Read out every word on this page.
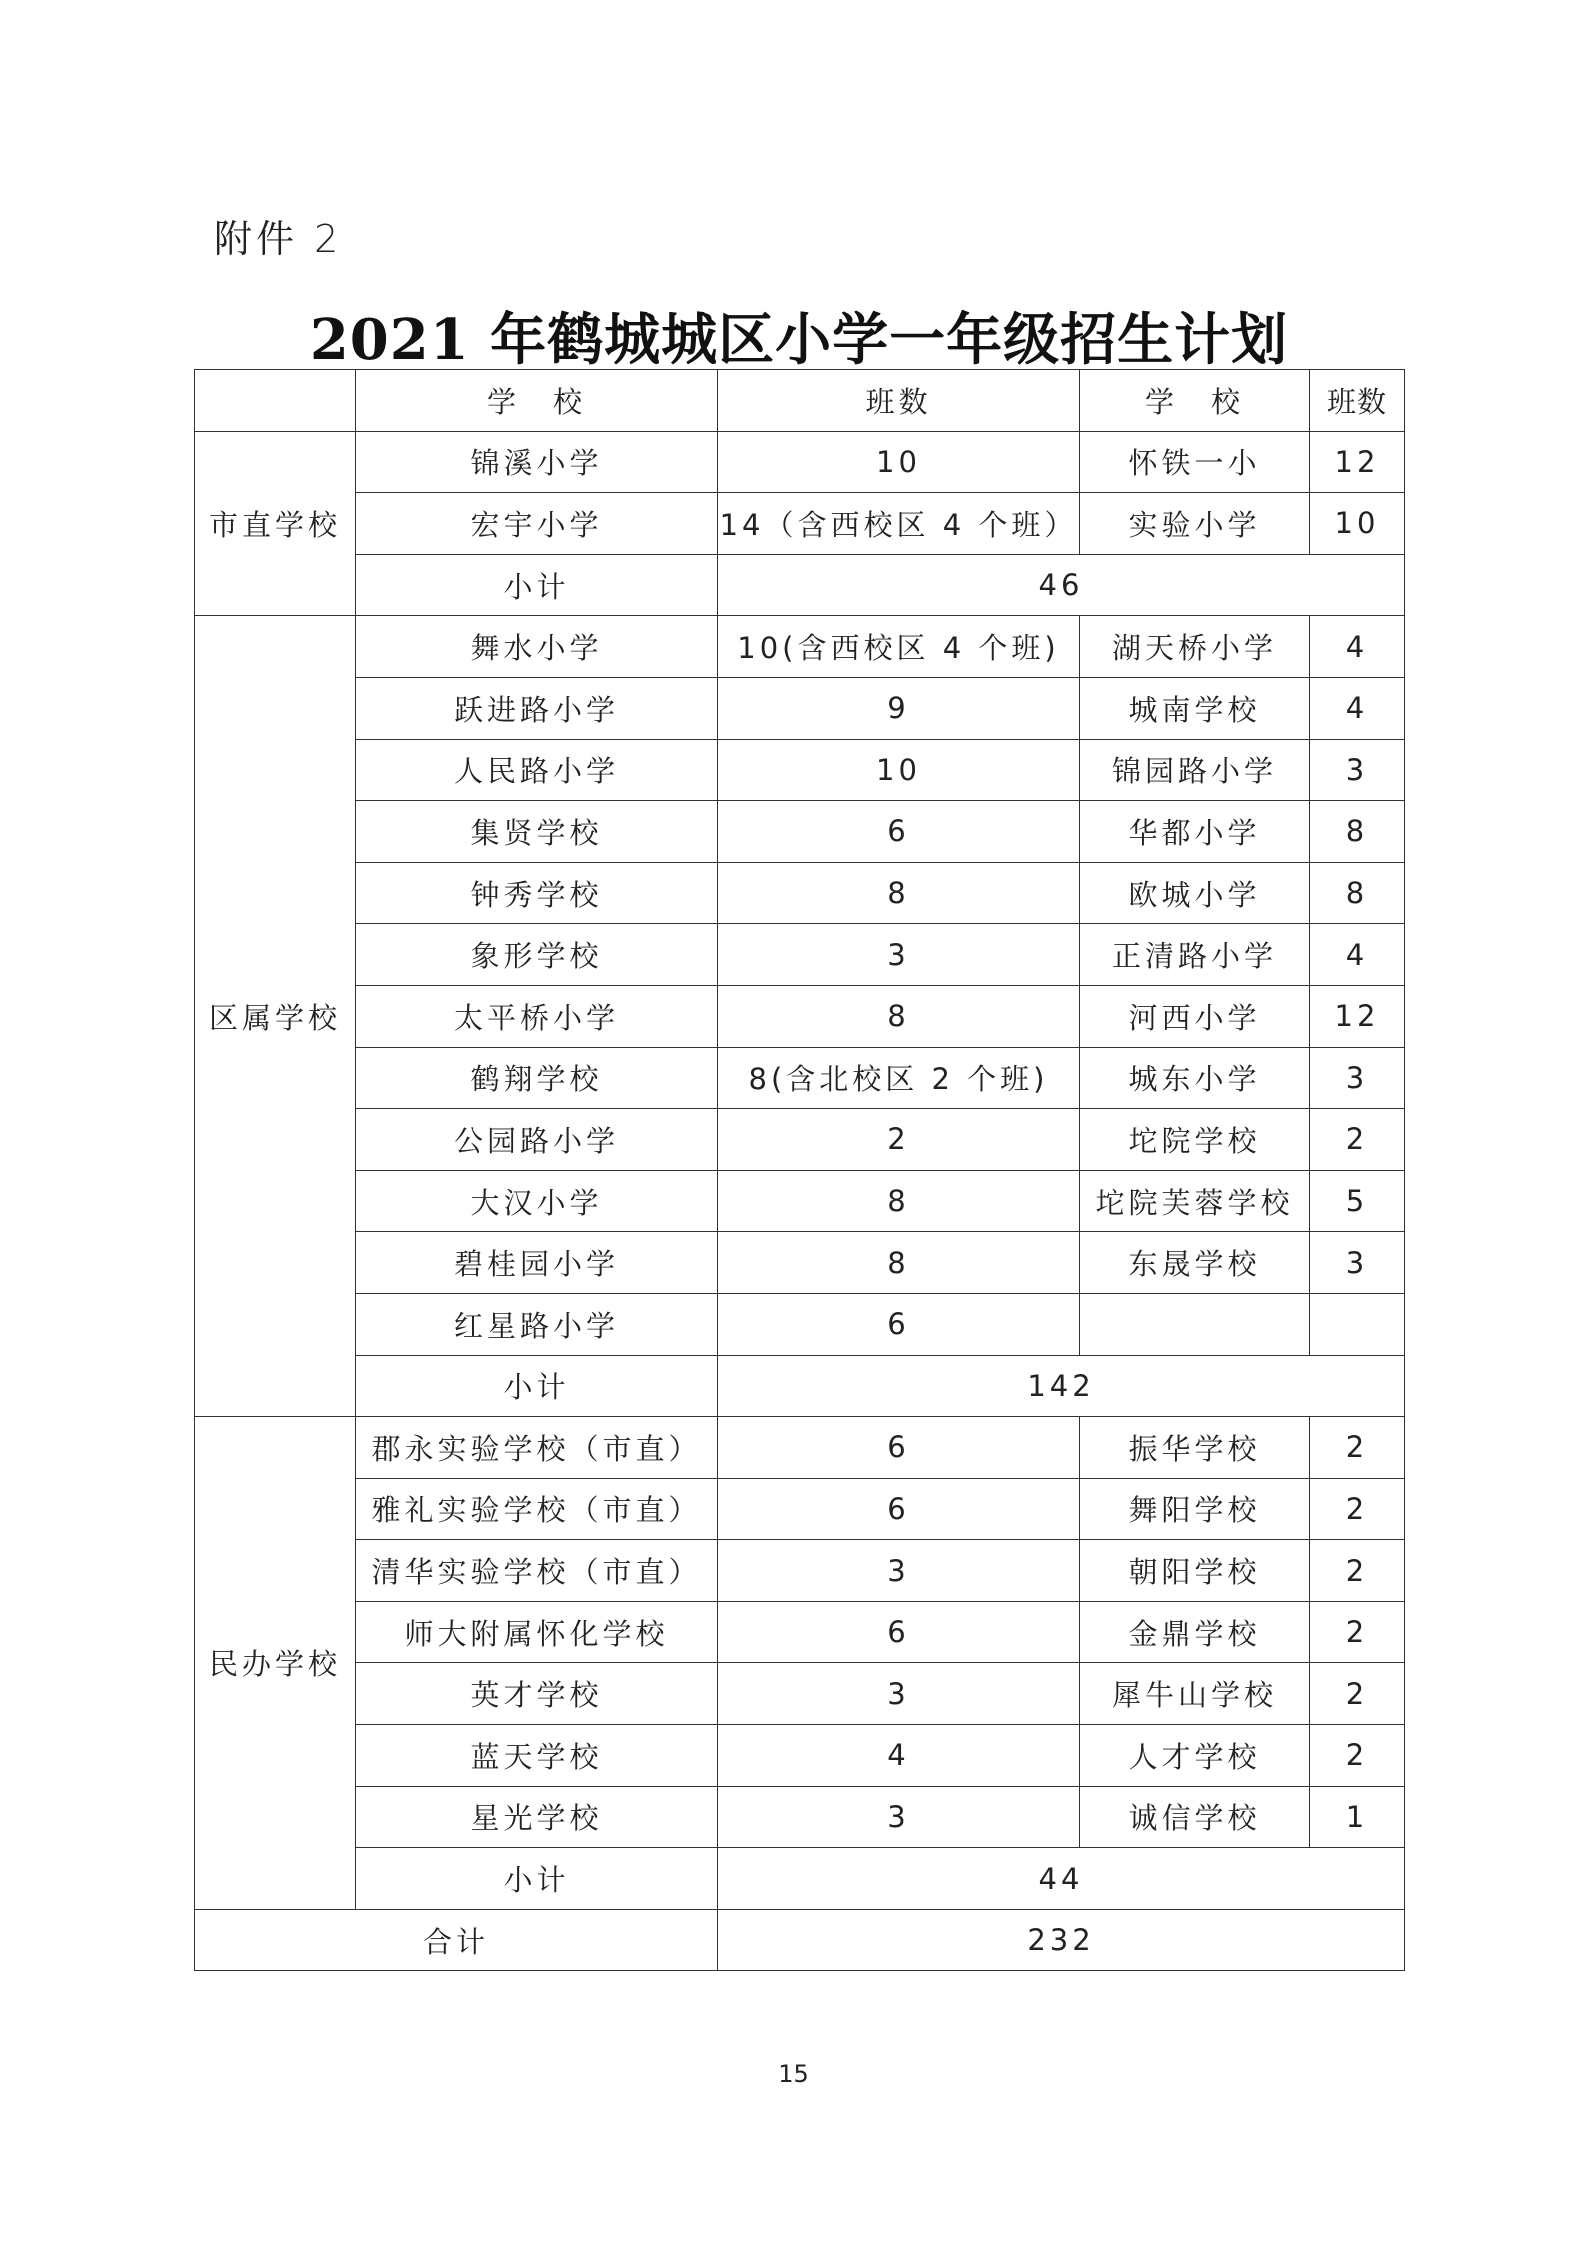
附件 2
2021 年鹤城城区小学一年级招生计划
	学　校	班数	学　校	班数
市直学校	锦溪小学	10	怀铁一小	12
	宏宇小学	14（含西校区 4 个班）	实验小学	10
	小计	46		
区属学校	舞水小学	10(含西校区 4 个班)	湖天桥小学	4
	跃进路小学	9	城南学校	4
	人民路小学	10	锦园路小学	3
	集贤学校	6	华都小学	8
	钟秀学校	8	欧城小学	8
	象形学校	3	正清路小学	4
	太平桥小学	8	河西小学	12
	鹤翔学校	8(含北校区 2 个班)	城东小学	3
	公园路小学	2	坨院学校	2
	大汉小学	8	坨院芙蓉学校	5
	碧桂园小学	8	东晟学校	3
	红星路小学	6		
	小计	142		
民办学校	郡永实验学校（市直）	6	振华学校	2
	雅礼实验学校（市直）	6	舞阳学校	2
	清华实验学校（市直）	3	朝阳学校	2
	师大附属怀化学校	6	金鼎学校	2
	英才学校	3	犀牛山学校	2
	蓝天学校	4	人才学校	2
	星光学校	3	诚信学校	1
	小计	44		
合计		232		
15
